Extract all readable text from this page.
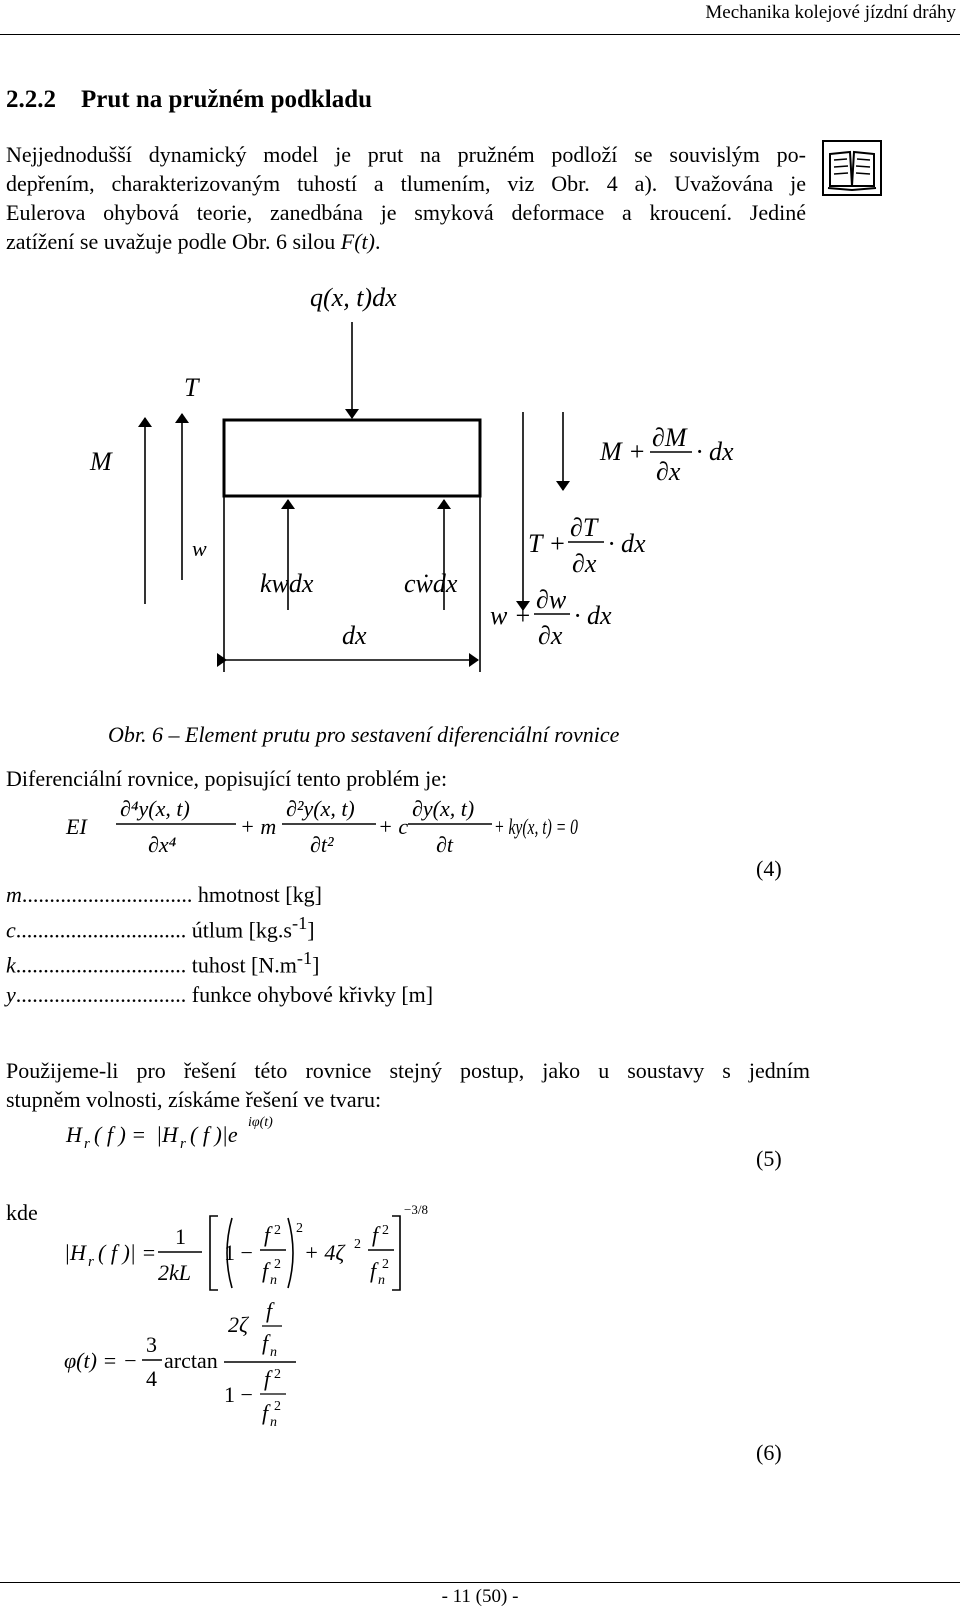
Mechanika kolejové jízdní dráhy
2.2.2 Prut na pružném podkladu
Nejjednodušší dynamický model je prut na pružném podloží se souvislým po-
depřením, charakterizovaným tuhostí a tlumením, viz Obr. 4 a). Uvažována je
Eulerova ohybová teorie, zanedbána je smyková deformace a kroucení. Jediné
zatížení se uvažuje podle Obr. 6 silou F(t).
q(x, t)dx
T
M
w
kwdx	cẇdx
dx
M + ∂M
∂x
· dx
T +
∂T
∂x
· dx
w +
∂w
∂x
· dx
Obr. 6 – Element prutu pro sestavení diferenciální rovnice
Diferenciální rovnice, popisující tento problém je:
EI
∂⁴y(x, t)
∂x⁴
+ m
∂²y(x, t)
∂t²
+ c
∂y(x, t)
∂t
+ ky(x, t) = 0
(4)
m............................... hmotnost [kg]
c............................... útlum $[kg.s^{-1}]$
k............................... tuhost $[N.m^{-1}]$
y............................... funkce ohybové křivky [m]
Použijeme-li pro řešení této rovnice stejný postup, jako u soustavy s jedním
stupněm volnosti, získáme řešení ve tvaru:
H r ( f ) = |H r ( f )|e iφ(t)
(5)
kde
|H r ( f )| =
1
2kL
1 −
f 2
f n
2
2
+ 4ζ 2 f 2
f n
2
−3/8
φ(t) = −
3
4
arctan
2ζ
f
f n
1 −
f 2
f n
2
(6)
- 11 (50) -
